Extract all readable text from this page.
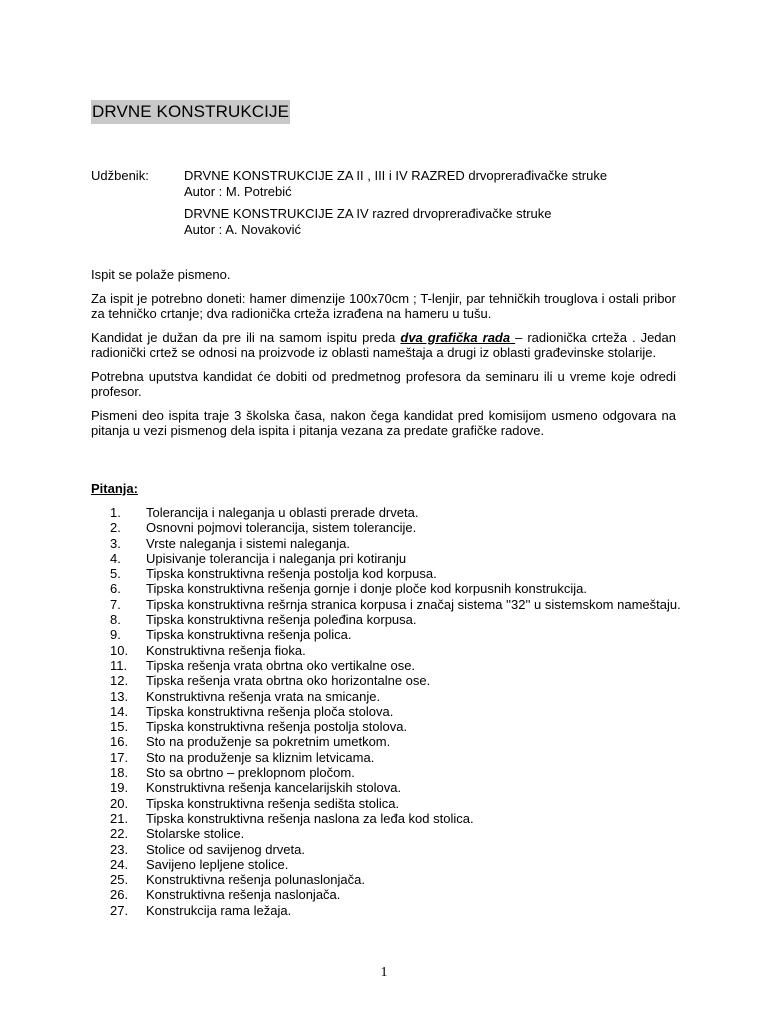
DRVNE KONSTRUKCIJE
Udžbenik:	DRVNE KONSTRUKCIJE ZA II , III i IV RAZRED drvoprerađivačke struke
Autor : M. Potrebić
DRVNE KONSTRUKCIJE ZA IV razred drvoprerađivačke struke
Autor : A. Novaković

Ispit se polaže pismeno.

Za ispit je potrebno doneti: hamer dimenzije 100x70cm ; T-lenjir, par tehničkih trouglova i ostali pribor za tehničko crtanje; dva radionička crteža izrađena na hameru u tušu.

Kandidat je dužan da pre ili na samom ispitu preda dva grafička rada – radionička crteža . Jedan radionički crtež se odnosi na proizvode iz oblasti nameštaja a drugi iz oblasti građevinske stolarije.

Potrebna uputstva kandidat će dobiti od predmetnog profesora da seminaru ili u vreme koje odredi profesor.

Pismeni deo ispita traje 3 školska časa, nakon čega kandidat pred komisijom usmeno odgovara na pitanja u vezi pismenog dela ispita i pitanja vezana za predate grafičke radove.

Pitanja:
1.	Tolerancija i naleganja u oblasti prerade drveta.
2.	Osnovni pojmovi tolerancija, sistem tolerancije.
3.	Vrste naleganja i sistemi naleganja.
4.	Upisivanje tolerancija i naleganja pri kotiranju
5.	Tipska konstruktivna rešenja postolja kod korpusa.
6.	Tipska konstruktivna rešenja gornje i donje ploče kod korpusnih konstrukcija.
7.	Tipska konstruktivna rešrnja stranica korpusa i značaj sistema ''32'' u sistemskom nameštaju.
8.	Tipska konstruktivna rešenja poleđina korpusa.
9.	Tipska konstruktivna rešenja polica.
10.	Konstruktivna rešenja fioka.
11.	Tipska rešenja vrata obrtna oko vertikalne ose.
12.	Tipska rešenja vrata obrtna oko horizontalne ose.
13.	Konstruktivna rešenja vrata na smicanje.
14.	Tipska konstruktivna rešenja ploča stolova.
15.	Tipska konstruktivna rešenja postolja stolova.
16.	Sto na produženje sa pokretnim umetkom.
17.	Sto na produženje sa kliznim letvicama.
18.	Sto sa obrtno – preklopnom pločom.
19.	Konstruktivna rešenja kancelarijskih stolova.
20.	Tipska konstruktivna rešenja sedišta stolica.
21.	Tipska konstruktivna rešenja naslona za leđa kod stolica.
22.	Stolarske stolice.
23.	Stolice od savijenog drveta.
24.	Savijeno lepljene stolice.
25.	Konstruktivna rešenja polunaslonjača.
26.	Konstruktivna rešenja naslonjača.
27.	Konstrukcija rama ležaja.
1
